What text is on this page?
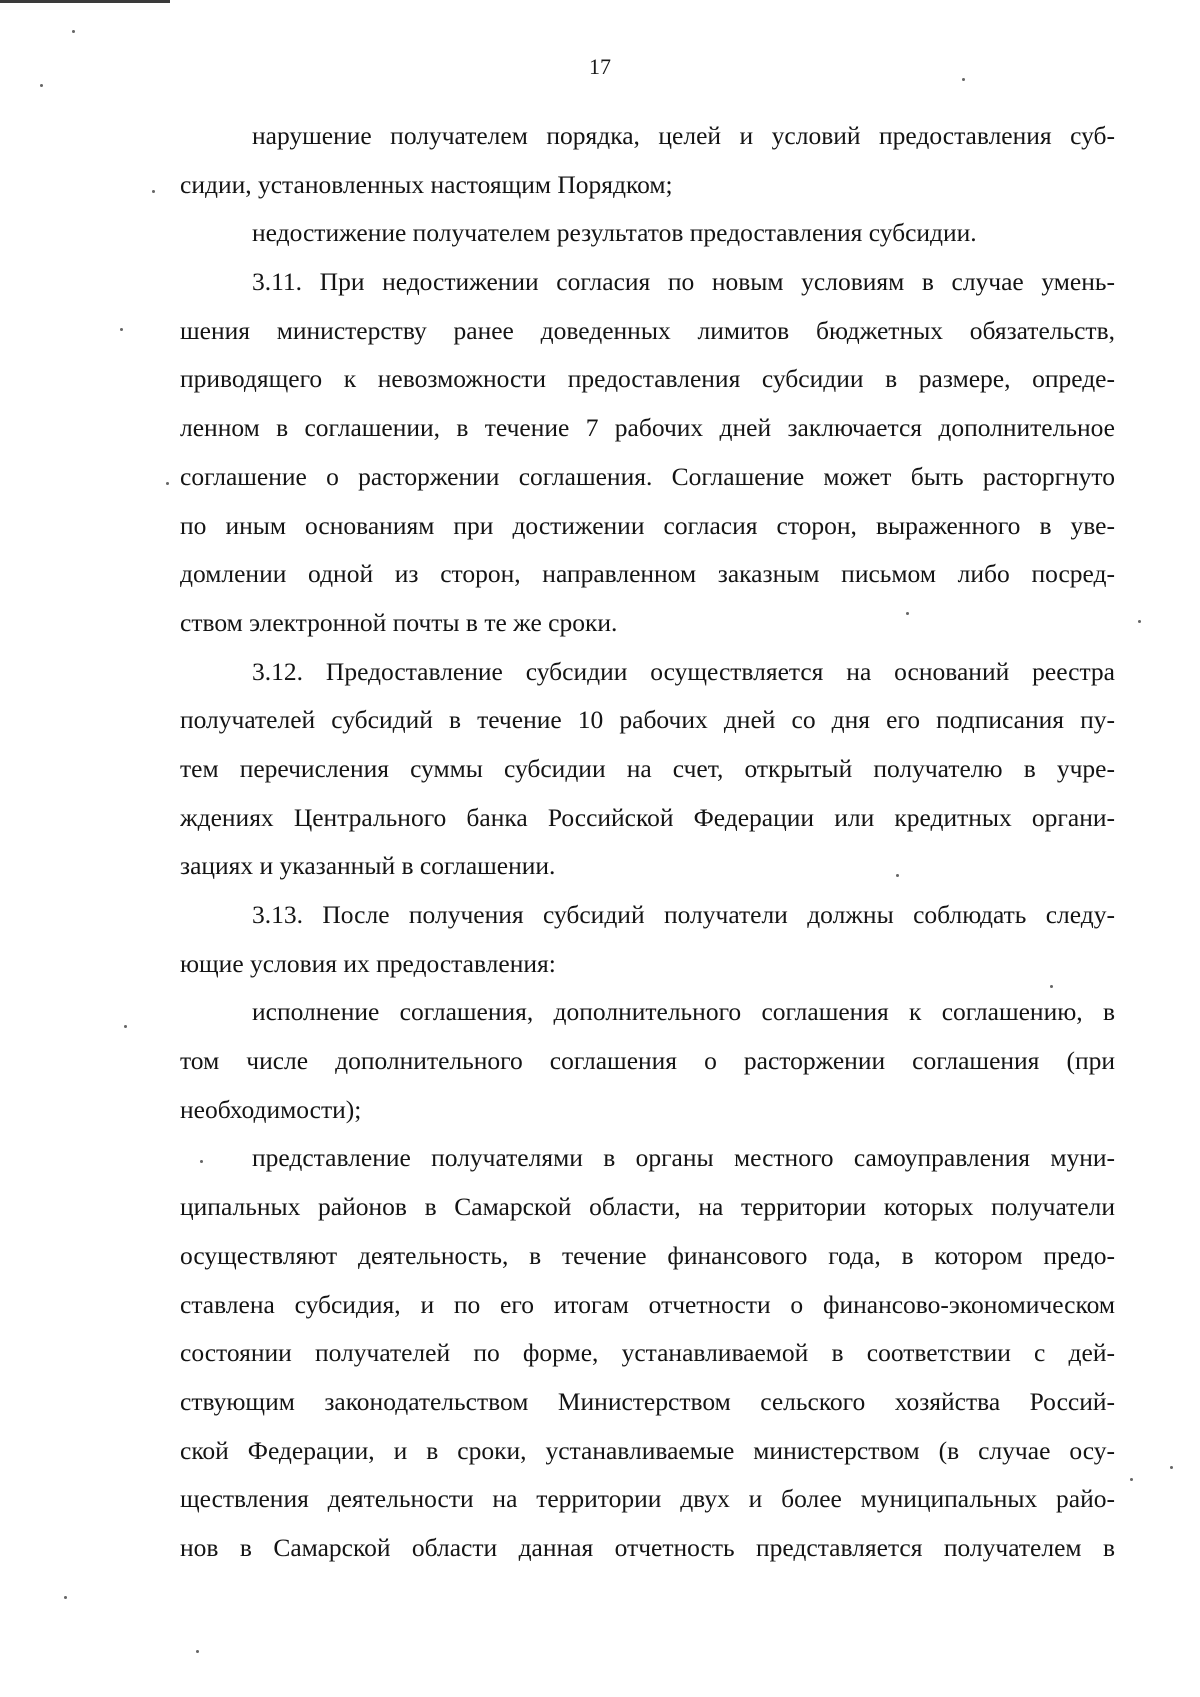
17
нарушение получателем порядка, целей и условий предоставления суб-
сидии, установленных настоящим Порядком;
недостижение получателем результатов предоставления субсидии.
3.11. При недостижении согласия по новым условиям в случае умень-
шения министерству ранее доведенных лимитов бюджетных обязательств,
приводящего к невозможности предоставления субсидии в размере, опреде-
ленном в соглашении, в течение 7 рабочих дней заключается дополнительное
соглашение о расторжении соглашения. Соглашение может быть расторгнуто
по иным основаниям при достижении согласия сторон, выраженного в уве-
домлении одной из сторон, направленном заказным письмом либо посред-
ством электронной почты в те же сроки.
3.12. Предоставление субсидии осуществляется на оснований реестра
получателей субсидий в течение 10 рабочих дней со дня его подписания пу-
тем перечисления суммы субсидии на счет, открытый получателю в учре-
ждениях Центрального банка Российской Федерации или кредитных органи-
зациях и указанный в соглашении.
3.13. После получения субсидий получатели должны соблюдать следу-
ющие условия их предоставления:
исполнение соглашения, дополнительного соглашения к соглашению, в
том числе дополнительного соглашения о расторжении соглашения (при
необходимости);
представление получателями в органы местного самоуправления муни-
ципальных районов в Самарской области, на территории которых получатели
осуществляют деятельность, в течение финансового года, в котором предо-
ставлена субсидия, и по его итогам отчетности о финансово-экономическом
состоянии получателей по форме, устанавливаемой в соответствии с дей-
ствующим законодательством Министерством сельского хозяйства Россий-
ской Федерации, и в сроки, устанавливаемые министерством (в случае осу-
ществления деятельности на территории двух и более муниципальных райо-
нов в Самарской области данная отчетность представляется получателем в
